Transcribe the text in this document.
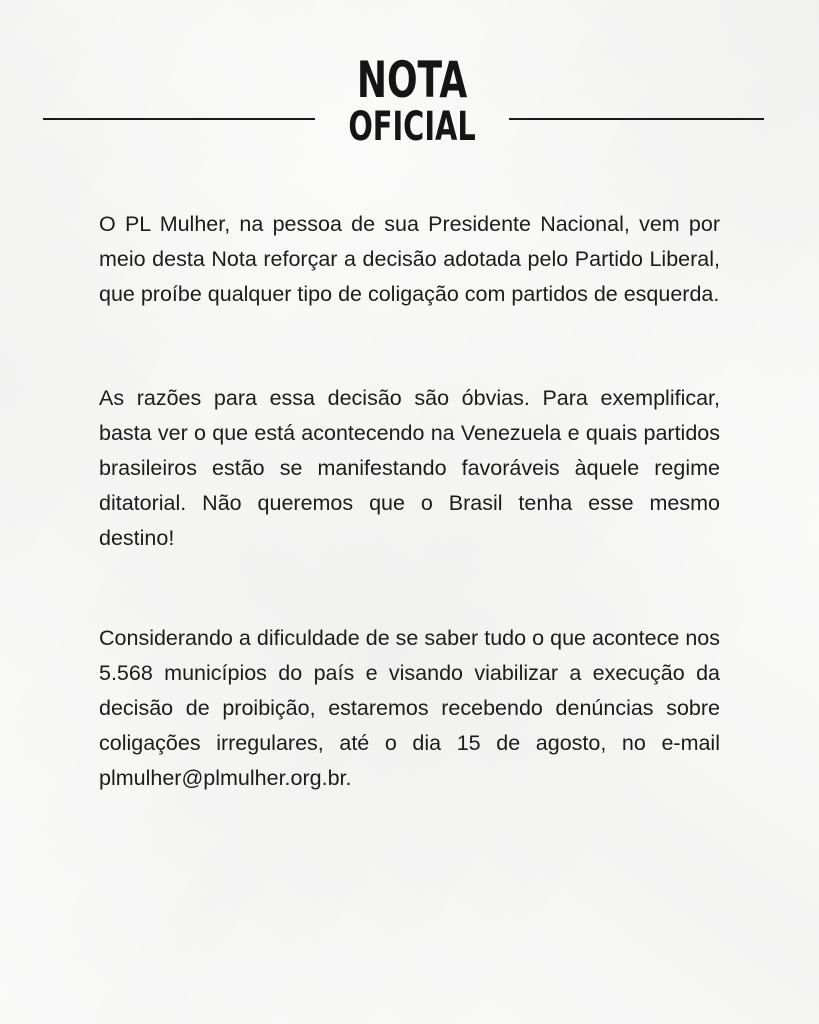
NOTA
OFICIAL

O PL Mulher, na pessoa de sua Presidente Nacional, vem por meio desta Nota reforçar a decisão adotada pelo Partido Liberal, que proíbe qualquer tipo de coligação com partidos de esquerda.

As razões para essa decisão são óbvias. Para exemplificar, basta ver o que está acontecendo na Venezuela e quais partidos brasileiros estão se manifestando favoráveis àquele regime ditatorial. Não queremos que o Brasil tenha esse mesmo destino!

Considerando a dificuldade de se saber tudo o que acontece nos 5.568 municípios do país e visando viabilizar a execução da decisão de proibição, estaremos recebendo denúncias sobre coligações irregulares, até o dia 15 de agosto, no e-mail plmulher@plmulher.org.br.
